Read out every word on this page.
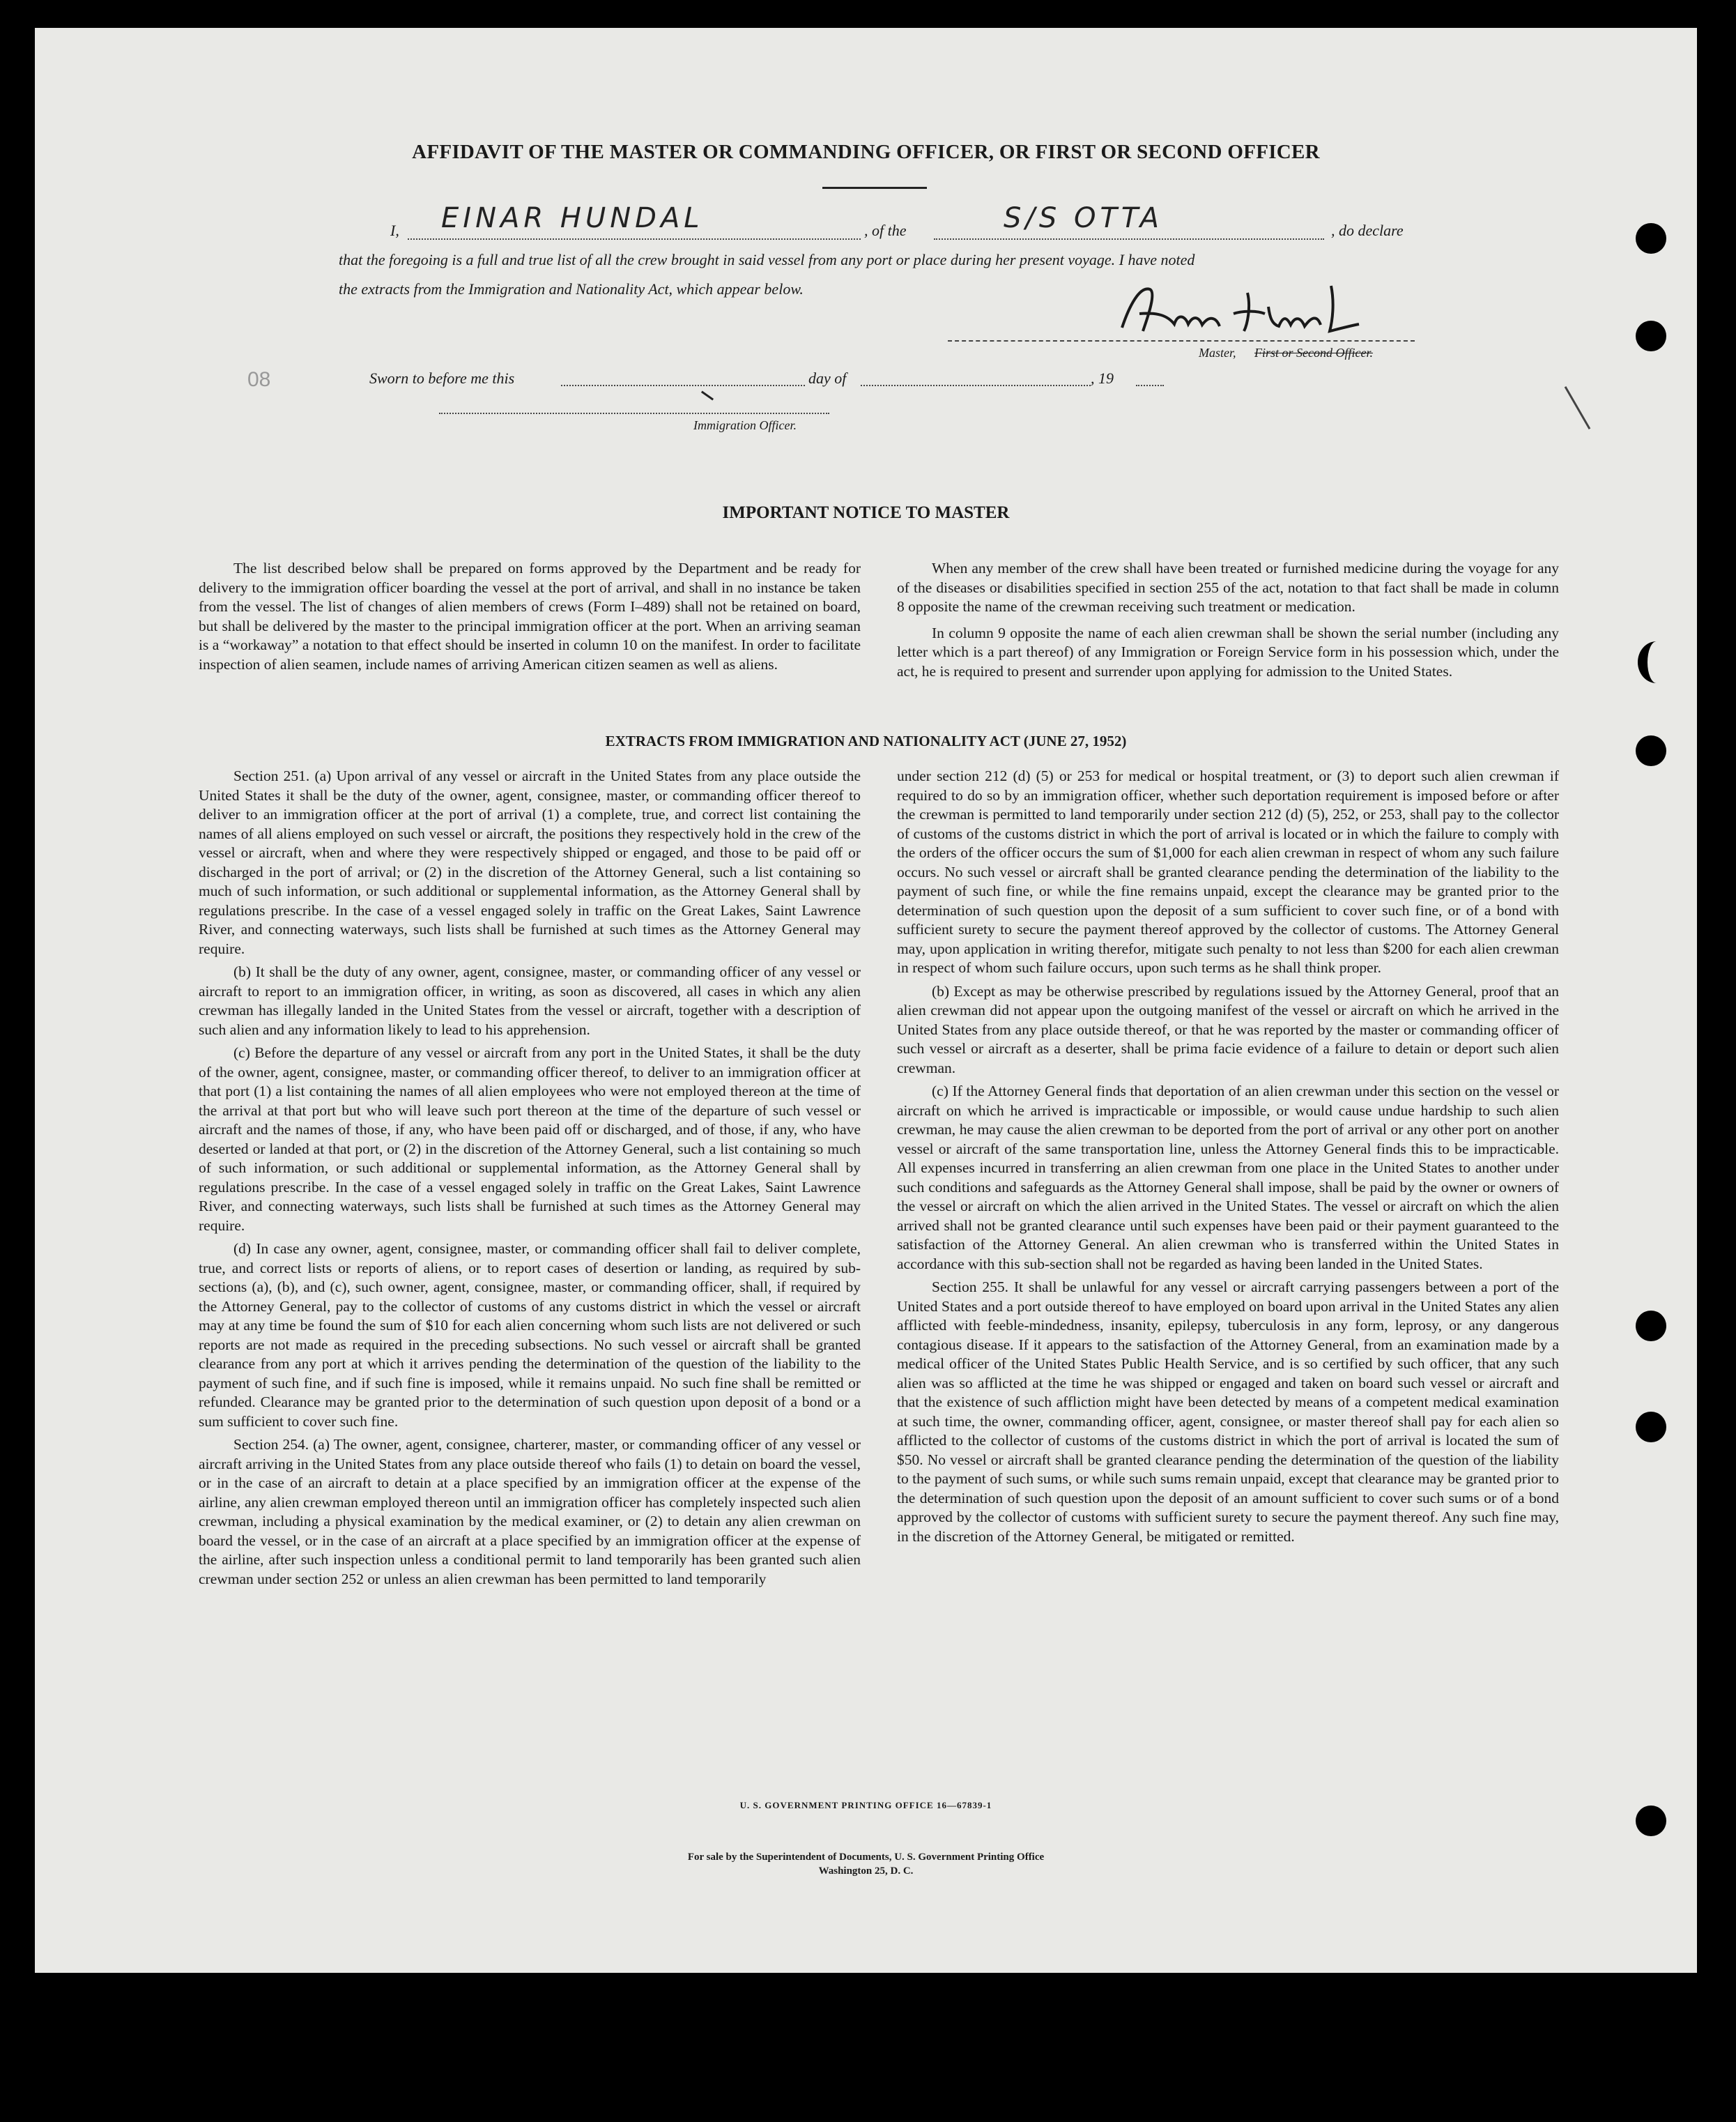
AFFIDAVIT OF THE MASTER OR COMMANDING OFFICER, OR FIRST OR SECOND OFFICER
I, EINAR HUNDAL	, of the	S/S OTTA	, do declare
that the foregoing is a full and true list of all the crew brought in said vessel from any port or place during her present voyage. I have noted
the extracts from the Immigration and Nationality Act, which appear below.
Master, First or Second Officer.
08	Sworn to before me this	day of	, 19
Immigration Officer.
IMPORTANT NOTICE TO MASTER

The list described below shall be prepared on forms approved by the Department and be ready for delivery to the immigration officer boarding the vessel at the port of arrival, and shall in no instance be taken from the vessel. The list of changes of alien members of crews (Form I–489) shall not be retained on board, but shall be delivered by the master to the principal immigration officer at the port. When an arriving seaman is a “workaway” a notation to that effect should be inserted in column 10 on the manifest. In order to facilitate inspection of alien seamen, include names of arriving American citizen seamen as well as aliens.

When any member of the crew shall have been treated or furnished medicine during the voyage for any of the diseases or disabilities specified in section 255 of the act, notation to that fact shall be made in column 8 opposite the name of the crewman receiving such treatment or medication.

In column 9 opposite the name of each alien crewman shall be shown the serial number (including any letter which is a part thereof) of any Immigration or Foreign Service form in his possession which, under the act, he is required to present and surrender upon applying for admission to the United States.

EXTRACTS FROM IMMIGRATION AND NATIONALITY ACT (JUNE 27, 1952)

Section 251. (a) Upon arrival of any vessel or aircraft in the United States from any place outside the United States it shall be the duty of the owner, agent, consignee, master, or commanding officer thereof to deliver to an immigration officer at the port of arrival (1) a complete, true, and correct list containing the names of all aliens employed on such vessel or aircraft, the positions they respectively hold in the crew of the vessel or aircraft, when and where they were respectively shipped or engaged, and those to be paid off or discharged in the port of arrival; or (2) in the discretion of the Attorney General, such a list containing so much of such information, or such additional or supplemental information, as the Attorney General shall by regulations prescribe. In the case of a vessel engaged solely in traffic on the Great Lakes, Saint Lawrence River, and connecting waterways, such lists shall be furnished at such times as the Attorney General may require.

(b) It shall be the duty of any owner, agent, consignee, master, or commanding officer of any vessel or aircraft to report to an immigration officer, in writing, as soon as discovered, all cases in which any alien crewman has illegally landed in the United States from the vessel or aircraft, together with a description of such alien and any information likely to lead to his apprehension.

(c) Before the departure of any vessel or aircraft from any port in the United States, it shall be the duty of the owner, agent, consignee, master, or commanding officer thereof, to deliver to an immigration officer at that port (1) a list containing the names of all alien employees who were not employed thereon at the time of the arrival at that port but who will leave such port thereon at the time of the departure of such vessel or aircraft and the names of those, if any, who have been paid off or discharged, and of those, if any, who have deserted or landed at that port, or (2) in the discretion of the Attorney General, such a list containing so much of such information, or such additional or supplemental information, as the Attorney General shall by regulations prescribe. In the case of a vessel engaged solely in traffic on the Great Lakes, Saint Lawrence River, and connecting waterways, such lists shall be furnished at such times as the Attorney General may require.

(d) In case any owner, agent, consignee, master, or commanding officer shall fail to deliver complete, true, and correct lists or reports of aliens, or to report cases of desertion or landing, as required by sub-sections (a), (b), and (c), such owner, agent, consignee, master, or commanding officer, shall, if required by the Attorney General, pay to the collector of customs of any customs district in which the vessel or aircraft may at any time be found the sum of $10 for each alien concerning whom such lists are not delivered or such reports are not made as required in the preceding subsections. No such vessel or aircraft shall be granted clearance from any port at which it arrives pending the determination of the question of the liability to the payment of such fine, and if such fine is imposed, while it remains unpaid. No such fine shall be remitted or refunded. Clearance may be granted prior to the determination of such question upon deposit of a bond or a sum sufficient to cover such fine.

Section 254. (a) The owner, agent, consignee, charterer, master, or commanding officer of any vessel or aircraft arriving in the United States from any place outside thereof who fails (1) to detain on board the vessel, or in the case of an aircraft to detain at a place specified by an immigration officer at the expense of the airline, any alien crewman employed thereon until an immigration officer has completely inspected such alien crewman, including a physical examination by the medical examiner, or (2) to detain any alien crewman on board the vessel, or in the case of an aircraft at a place specified by an immigration officer at the expense of the airline, after such inspection unless a conditional permit to land temporarily has been granted such alien crewman under section 252 or unless an alien crewman has been permitted to land temporarily

under section 212 (d) (5) or 253 for medical or hospital treatment, or (3) to deport such alien crewman if required to do so by an immigration officer, whether such deportation requirement is imposed before or after the crewman is permitted to land temporarily under section 212 (d) (5), 252, or 253, shall pay to the collector of customs of the customs district in which the port of arrival is located or in which the failure to comply with the orders of the officer occurs the sum of $1,000 for each alien crewman in respect of whom any such failure occurs. No such vessel or aircraft shall be granted clearance pending the determination of the liability to the payment of such fine, or while the fine remains unpaid, except the clearance may be granted prior to the determination of such question upon the deposit of a sum sufficient to cover such fine, or of a bond with sufficient surety to secure the payment thereof approved by the collector of customs. The Attorney General may, upon application in writing therefor, mitigate such penalty to not less than $200 for each alien crewman in respect of whom such failure occurs, upon such terms as he shall think proper.

(b) Except as may be otherwise prescribed by regulations issued by the Attorney General, proof that an alien crewman did not appear upon the outgoing manifest of the vessel or aircraft on which he arrived in the United States from any place outside thereof, or that he was reported by the master or commanding officer of such vessel or aircraft as a deserter, shall be prima facie evidence of a failure to detain or deport such alien crewman.

(c) If the Attorney General finds that deportation of an alien crewman under this section on the vessel or aircraft on which he arrived is impracticable or impossible, or would cause undue hardship to such alien crewman, he may cause the alien crewman to be deported from the port of arrival or any other port on another vessel or aircraft of the same transportation line, unless the Attorney General finds this to be impracticable. All expenses incurred in transferring an alien crewman from one place in the United States to another under such conditions and safeguards as the Attorney General shall impose, shall be paid by the owner or owners of the vessel or aircraft on which the alien arrived in the United States. The vessel or aircraft on which the alien arrived shall not be granted clearance until such expenses have been paid or their payment guaranteed to the satisfaction of the Attorney General. An alien crewman who is transferred within the United States in accordance with this sub-section shall not be regarded as having been landed in the United States.

Section 255. It shall be unlawful for any vessel or aircraft carrying passengers between a port of the United States and a port outside thereof to have employed on board upon arrival in the United States any alien afflicted with feeble-mindedness, insanity, epilepsy, tuberculosis in any form, leprosy, or any dangerous contagious disease. If it appears to the satisfaction of the Attorney General, from an examination made by a medical officer of the United States Public Health Service, and is so certified by such officer, that any such alien was so afflicted at the time he was shipped or engaged and taken on board such vessel or aircraft and that the existence of such affliction might have been detected by means of a competent medical examination at such time, the owner, commanding officer, agent, consignee, or master thereof shall pay for each alien so afflicted to the collector of customs of the customs district in which the port of arrival is located the sum of $50. No vessel or aircraft shall be granted clearance pending the determination of the question of the liability to the payment of such sums, or while such sums remain unpaid, except that clearance may be granted prior to the determination of such question upon the deposit of an amount sufficient to cover such sums or of a bond approved by the collector of customs with sufficient surety to secure the payment thereof. Any such fine may, in the discretion of the Attorney General, be mitigated or remitted.

U. S. GOVERNMENT PRINTING OFFICE 16—67839-1
For sale by the Superintendent of Documents, U. S. Government Printing Office
Washington 25, D. C.
